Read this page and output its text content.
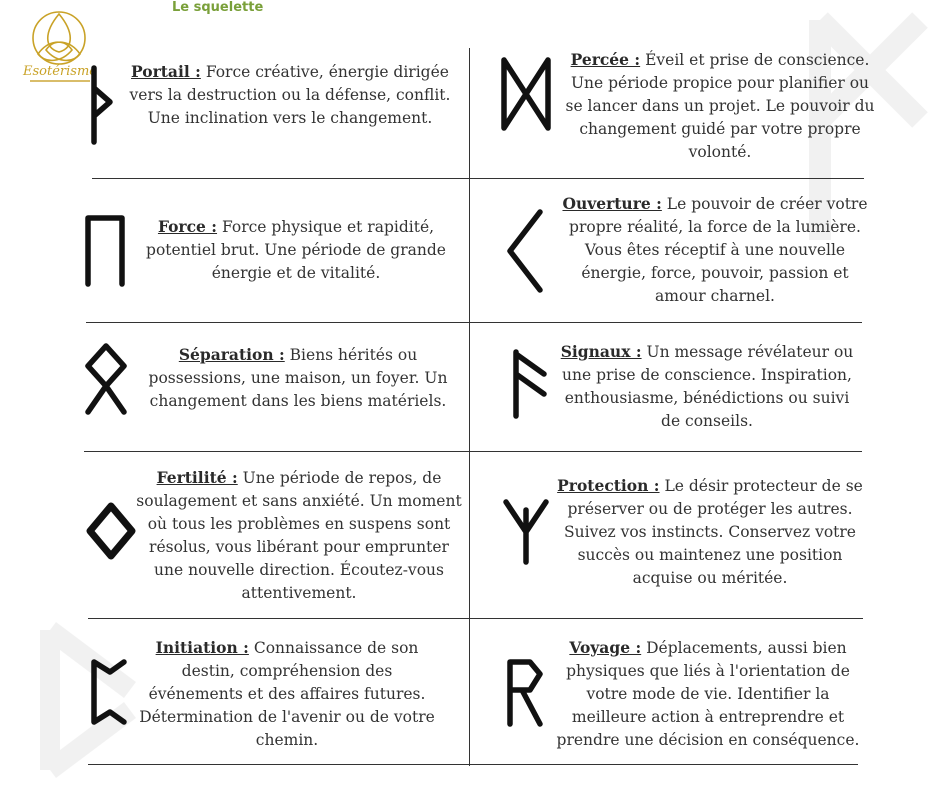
Esotérisme
Le squelette
Portail : Force créative, énergie dirigée vers la destruction ou la défense, conflit. Une inclination vers le changement.
Percée : Éveil et prise de conscience. Une période propice pour planifier ou se lancer dans un projet. Le pouvoir du changement guidé par votre propre volonté.
Force : Force physique et rapidité, potentiel brut. Une période de grande énergie et de vitalité.
Ouverture : Le pouvoir de créer votre propre réalité, la force de la lumière. Vous êtes réceptif à une nouvelle énergie, force, pouvoir, passion et amour charnel.
Séparation : Biens hérités ou possessions, une maison, un foyer. Un changement dans les biens matériels.
Signaux : Un message révélateur ou une prise de conscience. Inspiration, enthousiasme, bénédictions ou suivi de conseils.
Fertilité : Une période de repos, de soulagement et sans anxiété. Un moment où tous les problèmes en suspens sont résolus, vous libérant pour emprunter une nouvelle direction. Écoutez-vous attentivement.
Protection : Le désir protecteur de se préserver ou de protéger les autres. Suivez vos instincts. Conservez votre succès ou maintenez une position acquise ou méritée.
Initiation : Connaissance de son destin, compréhension des événements et des affaires futures. Détermination de l'avenir ou de votre chemin.
Voyage : Déplacements, aussi bien physiques que liés à l'orientation de votre mode de vie. Identifier la meilleure action à entreprendre et prendre une décision en conséquence.
